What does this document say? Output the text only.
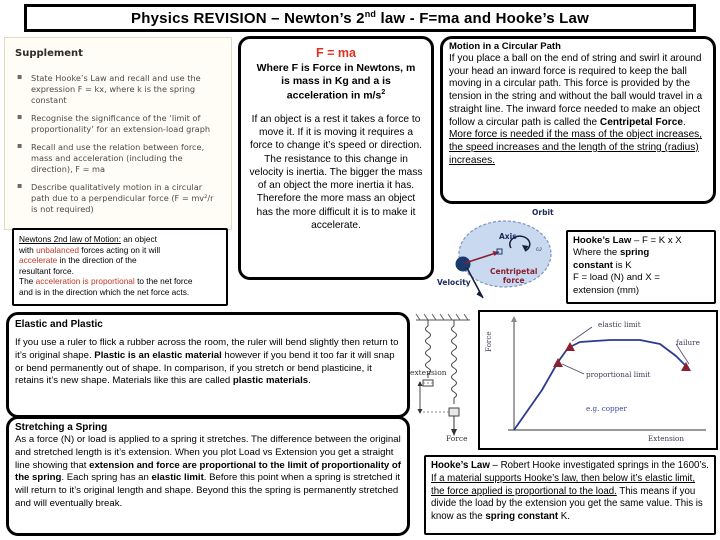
Physics REVISION – Newton’s 2nd law - F=ma and Hooke’s Law
Supplement
▪ State Hooke’s Law and recall and use the expression F = kx, where k is the spring constant
▪ Recognise the significance of the ‘limit of proportionality’ for an extension-load graph
▪ Recall and use the relation between force, mass and acceleration (including the direction), F = ma
▪ Describe qualitatively motion in a circular path due to a perpendicular force (F = mv²/r is not required)
Newtons 2nd law of Motion: an object
with unbalanced forces acting on it will
accelerate in the direction of the
resultant force.
The acceleration is proportional to the net force
and is in the direction which the net force acts.
F = ma
Where F is Force in Newtons, m
is mass in Kg and a is
acceleration in $m/s^2$
If an object is a rest it takes a force to move it. If it is moving it requires a force to change it’s speed or direction. The resistance to this change in velocity is inertia. The bigger the mass of an object the more inertia it has. Therefore the more mass an object has the more difficult it is to make it accelerate.
Motion in a Circular Path
If you place a ball on the end of string and swirl it around your head an inward force is required to keep the ball moving in a circular path. This force is provided by the tension in the string and without the ball would travel in a straight line. The inward force needed to make an object follow a circular path is called the Centripetal Force. More force is needed if the mass of the object increases, the speed increases and the length of the string (radius) increases.
Orbit
Axis
ω
Centripetal
force
Velocity
Hooke’s Law – F = K x X
Where the spring
constant is K
F = load (N) and X =
extension (mm)
Elastic and Plastic
If you use a ruler to flick a rubber across the room, the ruler will bend slightly then return to it’s original shape. Plastic is an elastic material however if you bend it too far it will snap or bend permanently out of shape. In comparison, if you stretch or bend plasticine, it retains it’s new shape. Materials like this are called plastic materials.
Stretching a Spring
As a force (N) or load is applied to a spring it stretches. The difference between the original and stretched length is it’s extension. When you plot Load vs Extension you get a straight line showing that extension and force are proportional to the limit of proportionality of the spring. Each spring has an elastic limit. Before this point when a spring is stretched it will return to it’s original length and shape. Beyond this the spring is permanently stretched and will eventually break.
Hooke’s Law – Robert Hooke investigated springs in the 1600’s. If a material supports Hooke’s law, then below it’s elastic limit, the force applied is proportional to the load. This means if you divide the load by the extension you get the same value. This is know as the spring constant K.
extension
Force
Force
elastic limit
proportional limit
failure
e.g. copper
Extension
